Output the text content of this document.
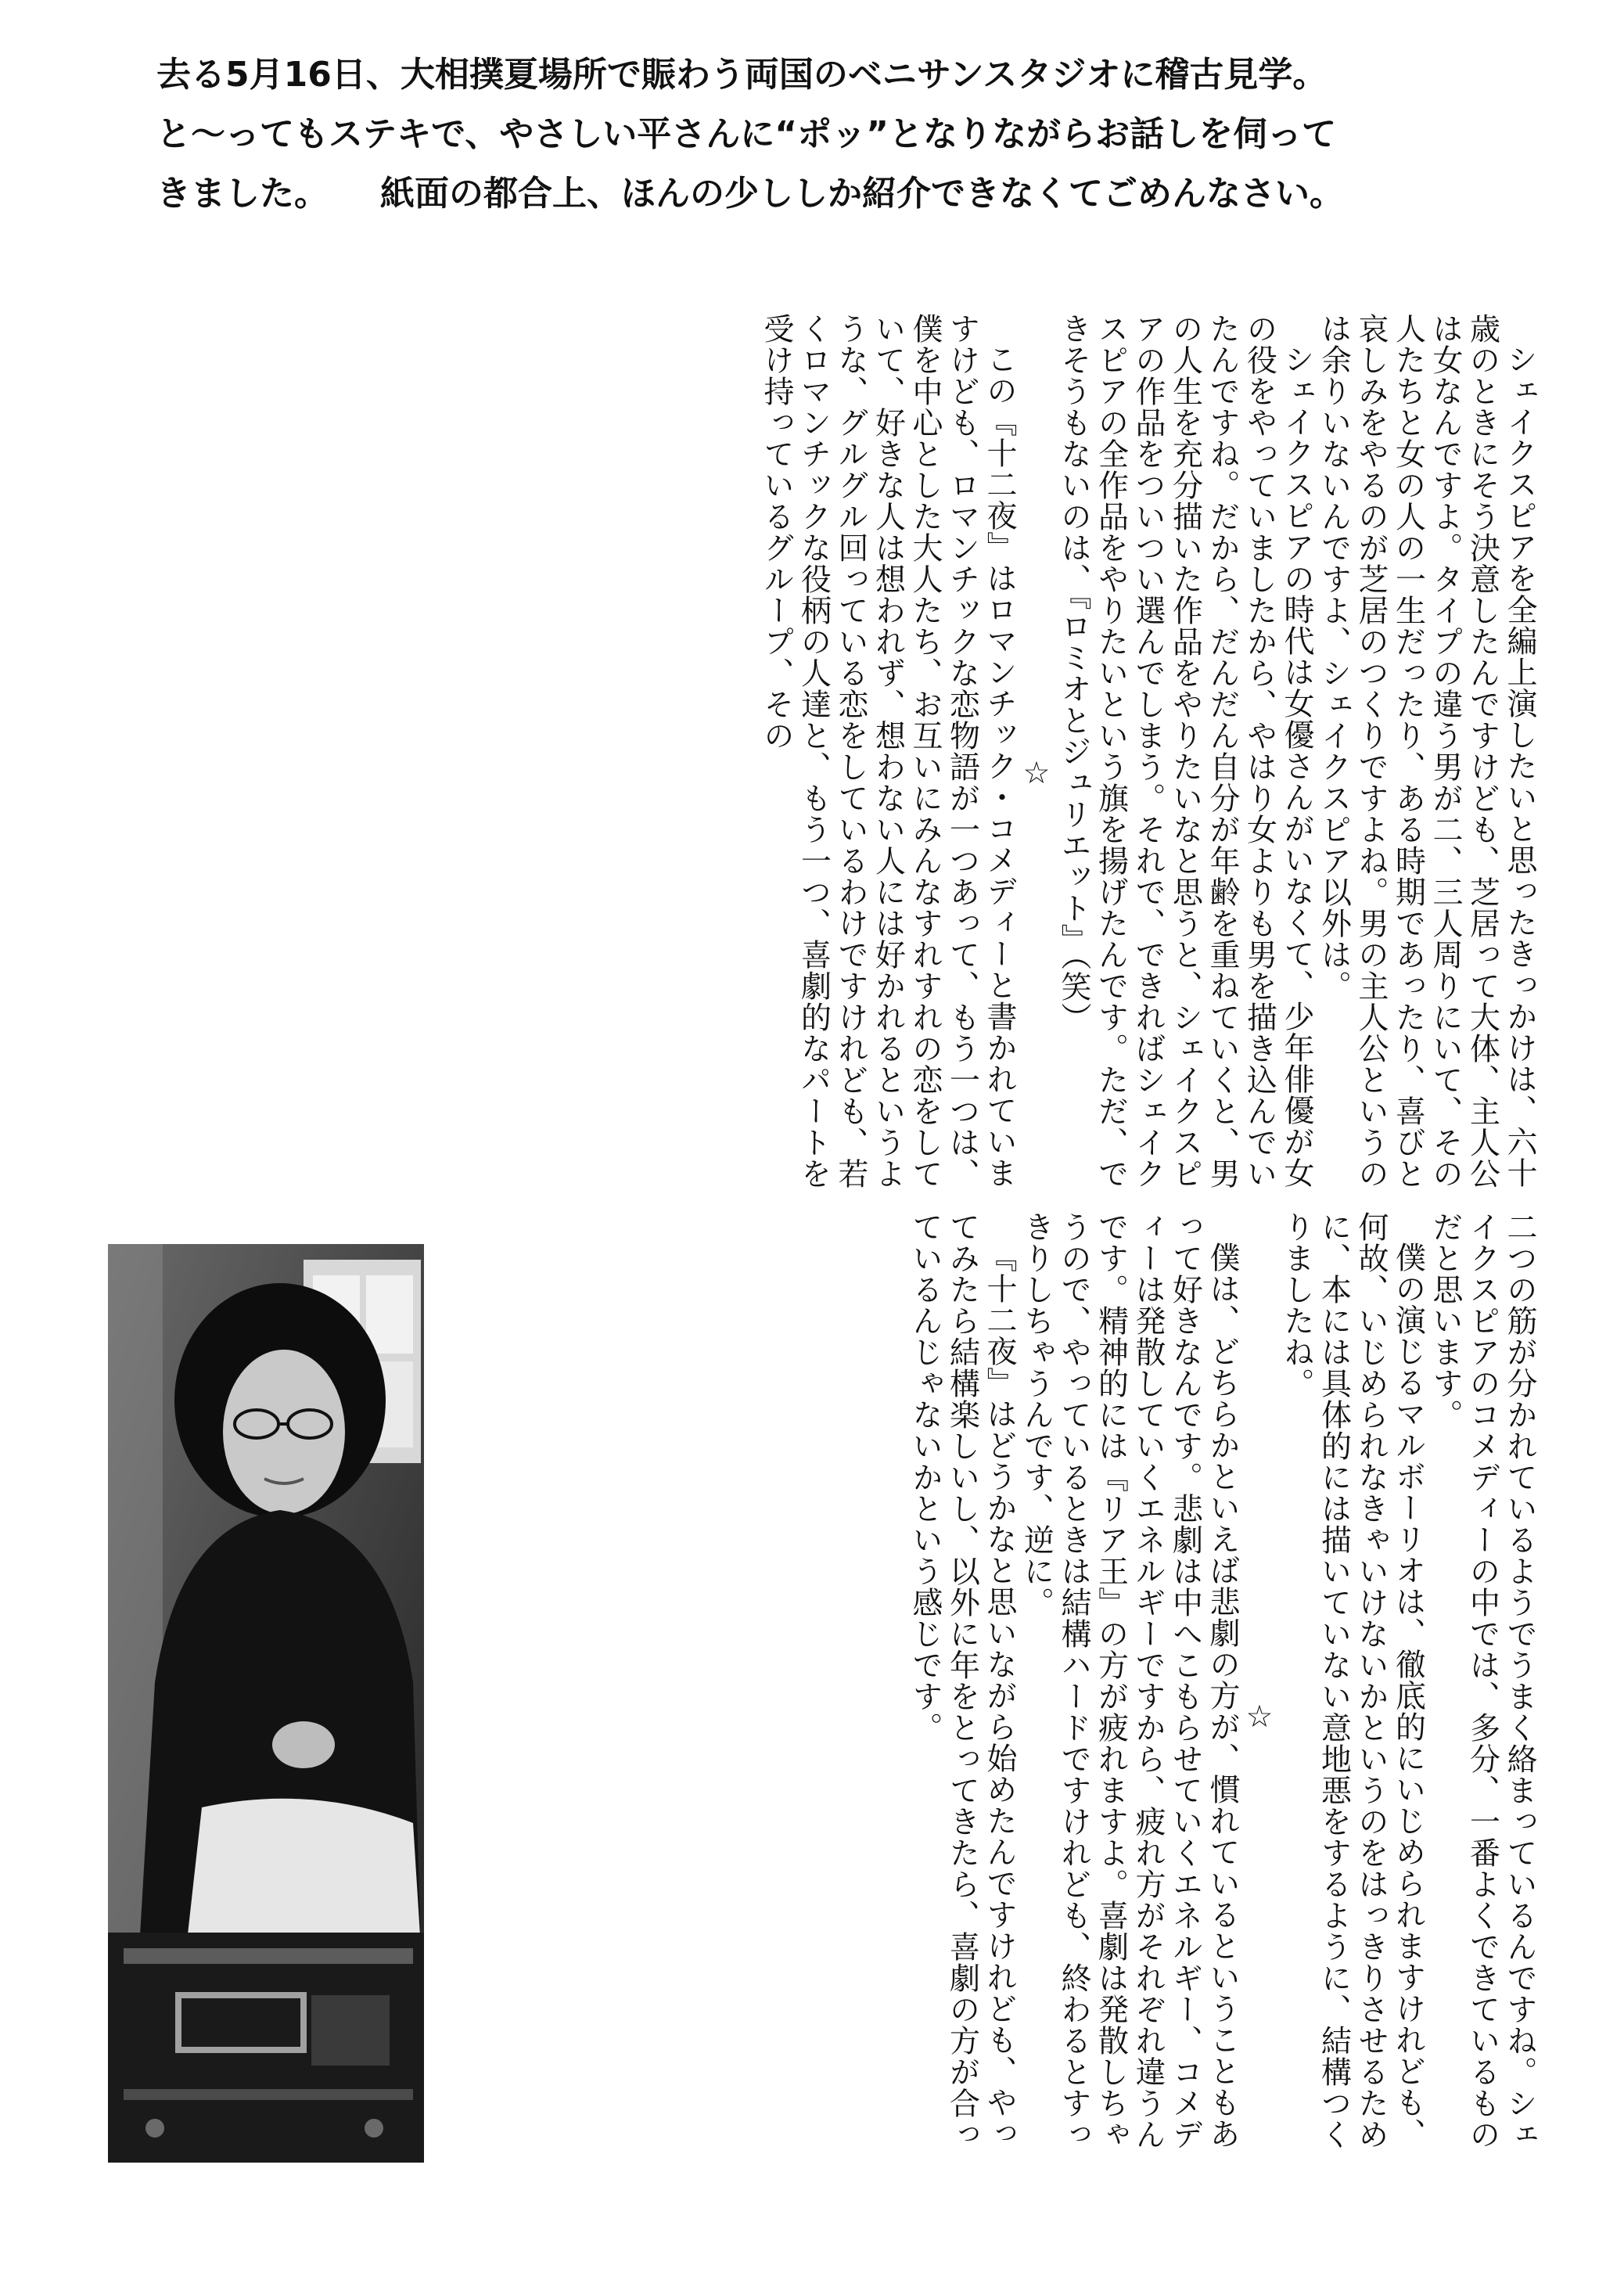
去る5月16日、大相撲夏場所で賑わう両国のベニサンスタジオに稽古見学。
と〜ってもステキで、やさしい平さんに“ポッ”となりながらお話しを伺って
きました。　　紙面の都合上、ほんの少ししか紹介できなくてごめんなさい。

シェイクスピアを全編上演したいと思ったきっかけは、六十歳のときにそう決意したんですけども、芝居って大体、主人公は女なんですよ。タイプの違う男が二、三人周りにいて、その人たちと女の人の一生だったり、ある時期であったり、喜びと哀しみをやるのが芝居のつくりですよね。男の主人公というのは余りいないんですよ、シェイクスピア以外は。

シェイクスピアの時代は女優さんがいなくて、少年俳優が女の役をやっていましたから、やはり女よりも男を描き込んでいたんですね。だから、だんだん自分が年齢を重ねていくと、男の人生を充分描いた作品をやりたいなと思うと、シェイクスピアの作品をついつい選んでしまう。それで、できればシェイクスピアの全作品をやりたいという旗を揚げたんです。ただ、できそうもないのは、『ロミオとジュリエット』（笑）

☆

この『十二夜』はロマンチック・コメディーと書かれていますけども、ロマンチックな恋物語が一つあって、もう一つは、僕を中心とした大人たち、お互いにみんなすれすれの恋をしていて、好きな人は想われず、想わない人には好かれるというような、グルグル回っている恋をしているわけですけれども、若くロマンチックな役柄の人達と、もう一つ、喜劇的なパートを受け持っているグループ、その

二つの筋が分かれているようでうまく絡まっているんですね。シェイクスピアのコメディーの中では、多分、一番よくできているものだと思います。

僕の演じるマルボーリオは、徹底的にいじめられますけれども、何故、いじめられなきゃいけないかというのをはっきりさせるために、本には具体的には描いていない意地悪をするように、結構つくりましたね。

☆

僕は、どちらかといえば悲劇の方が、慣れているということもあって好きなんです。悲劇は中へこもらせていくエネルギー、コメディーは発散していくエネルギーですから、疲れ方がそれぞれ違うんです。精神的には『リア王』の方が疲れますよ。喜劇は発散しちゃうので、やっているときは結構ハードですけれども、終わるとすっきりしちゃうんです、逆に。

『十二夜』はどうかなと思いながら始めたんですけれども、やってみたら結構楽しいし、以外に年をとってきたら、喜劇の方が合っているんじゃないかという感じです。
